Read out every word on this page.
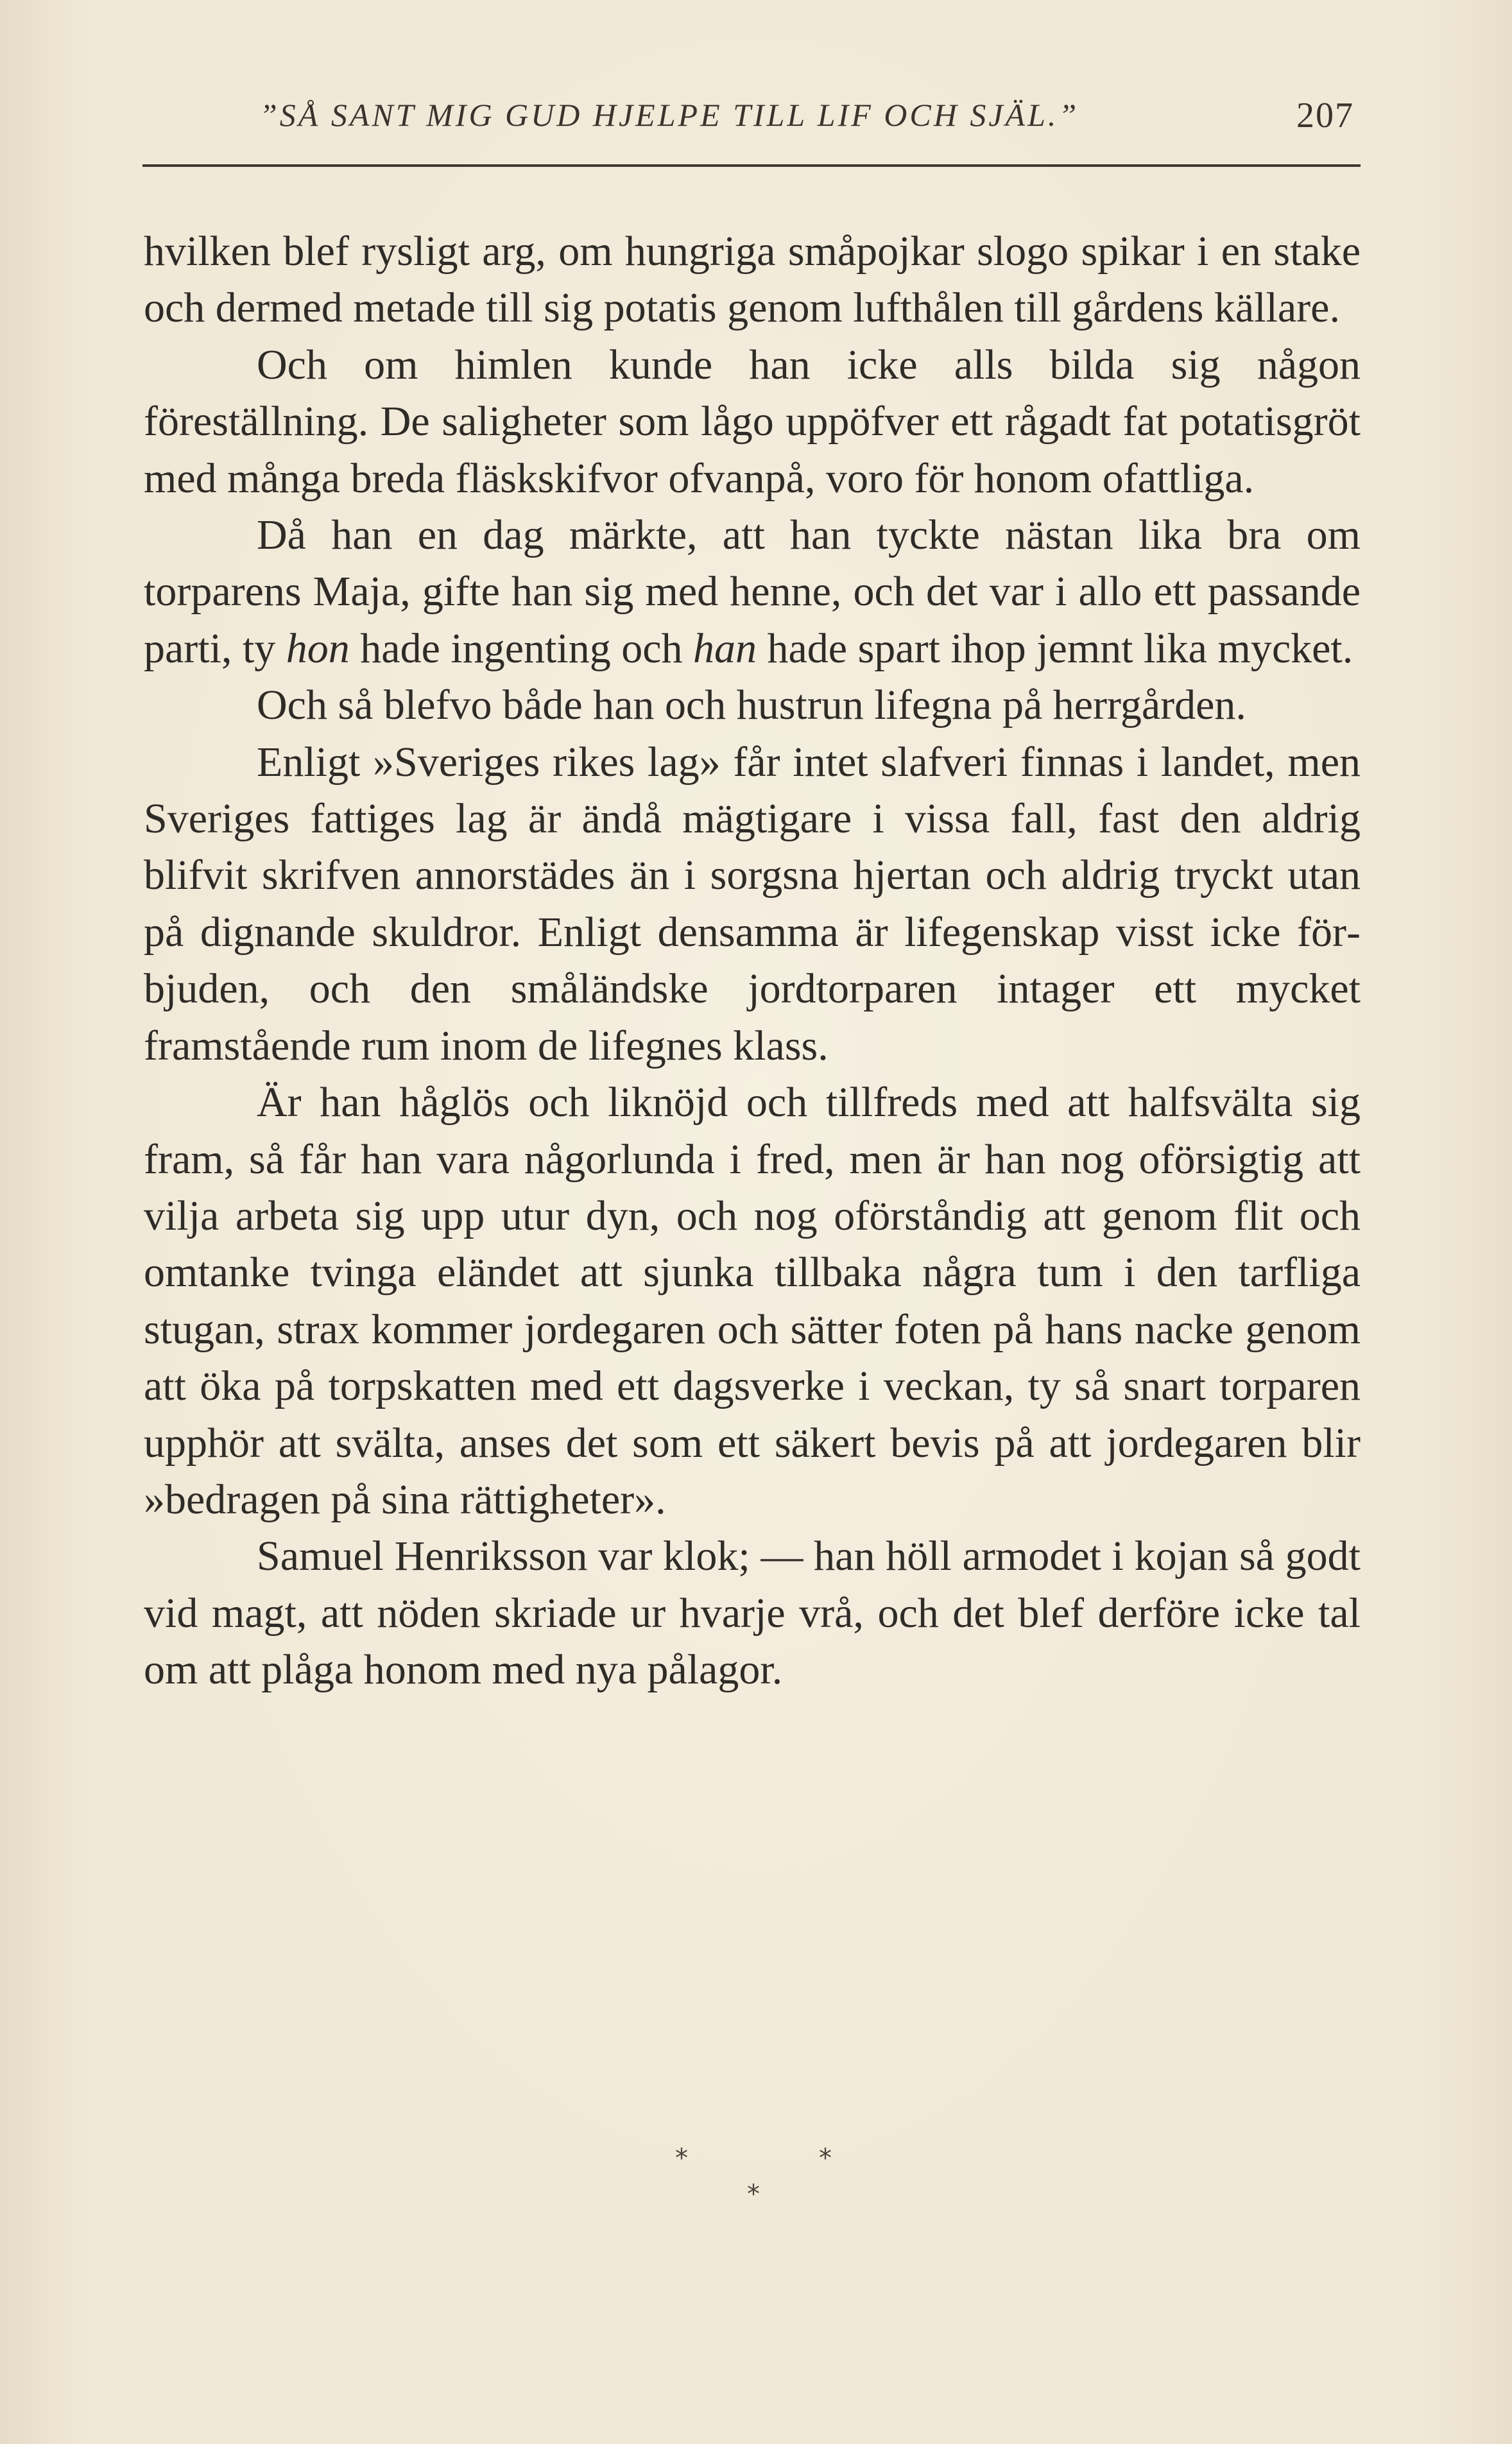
”SÅ SANT MIG GUD HJELPE TILL LIF OCH SJÄL.”	207

hvilken blef rysligt arg, om hungriga småpojkar slogo spikar i en stake och dermed metade till sig potatis genom lufthålen till gårdens källare.

Och om himlen kunde han icke alls bilda sig någon föreställning. De saligheter som lågo uppöfver ett rågadt fat potatisgröt med många breda fläskskifvor ofvanpå, voro för honom ofattliga.

Då han en dag märkte, att han tyckte nästan lika bra om torparens Maja, gifte han sig med henne, och det var i allo ett passande parti, ty hon hade ingenting och han hade spart ihop jemnt lika mycket.

Och så blefvo både han och hustrun lifegna på herrgården.

Enligt »Sveriges rikes lag» får intet slafveri finnas i landet, men Sveriges fattiges lag är ändå mägtigare i vissa fall, fast den aldrig blifvit skrifven annorstädes än i sorgsna hjertan och aldrig tryckt utan på dignande skuldror. Enligt densamma är lifegenskap visst icke förbjuden, och den småländske jordtorparen intager ett mycket framstående rum inom de lifegnes klass.

Är han håglös och liknöjd och tillfreds med att halfsvälta sig fram, så får han vara någorlunda i fred, men är han nog oförsigtig att vilja arbeta sig upp utur dyn, och nog oförståndig att genom flit och omtanke tvinga eländet att sjunka tillbaka några tum i den tarfliga stugan, strax kommer jordegaren och sätter foten på hans nacke genom att öka på torpskatten med ett dagsverke i veckan, ty så snart torparen upphör att svälta, anses det som ett säkert bevis på att jordegaren blir »bedragen på sina rättigheter».

Samuel Henriksson var klok; — han höll armodet i kojan så godt vid magt, att nöden skriade ur hvarje vrå, och det blef derföre icke tal om att plåga honom med nya pålagor.

*	*
*
